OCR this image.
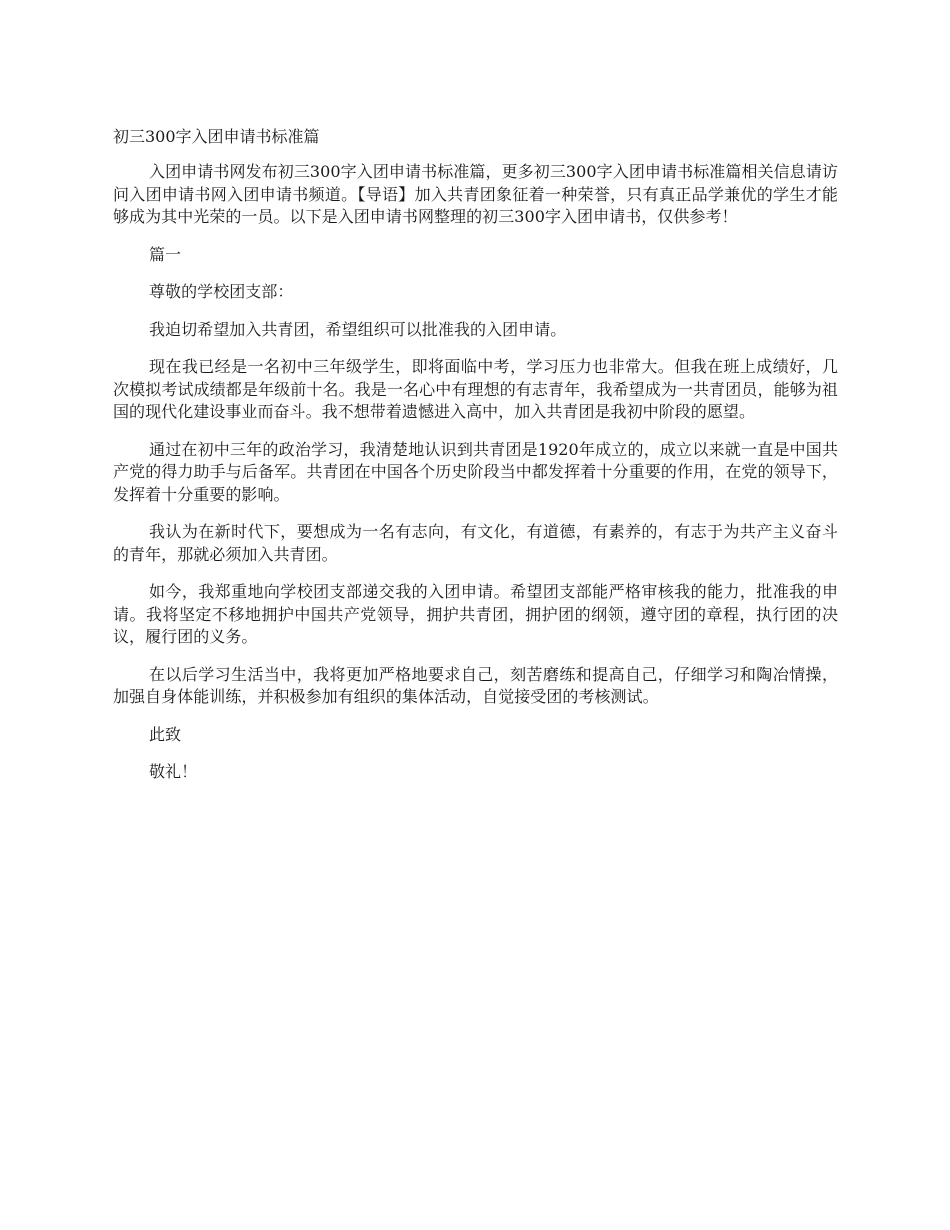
初三300字入团申请书标准篇

入团申请书网发布初三300字入团申请书标准篇，更多初三300字入团申请书标准篇相关信息请访问入团申请书网入团申请书频道。【导语】加入共青团象征着一种荣誉，只有真正品学兼优的学生才能够成为其中光荣的一员。以下是入团申请书网整理的初三300字入团申请书，仅供参考！

篇一

尊敬的学校团支部：

我迫切希望加入共青团，希望组织可以批准我的入团申请。

现在我已经是一名初中三年级学生，即将面临中考，学习压力也非常大。但我在班上成绩好，几次模拟考试成绩都是年级前十名。我是一名心中有理想的有志青年，我希望成为一共青团员，能够为祖国的现代化建设事业而奋斗。我不想带着遗憾进入高中，加入共青团是我初中阶段的愿望。

通过在初中三年的政治学习，我清楚地认识到共青团是1920年成立的，成立以来就一直是中国共产党的得力助手与后备军。共青团在中国各个历史阶段当中都发挥着十分重要的作用，在党的领导下，发挥着十分重要的影响。

我认为在新时代下，要想成为一名有志向，有文化，有道德，有素养的，有志于为共产主义奋斗的青年，那就必须加入共青团。

如今，我郑重地向学校团支部递交我的入团申请。希望团支部能严格审核我的能力，批准我的申请。我将坚定不移地拥护中国共产党领导，拥护共青团，拥护团的纲领，遵守团的章程，执行团的决议，履行团的义务。

在以后学习生活当中，我将更加严格地要求自己，刻苦磨练和提高自己，仔细学习和陶冶情操，加强自身体能训练，并积极参加有组织的集体活动，自觉接受团的考核测试。

此致

敬礼！
